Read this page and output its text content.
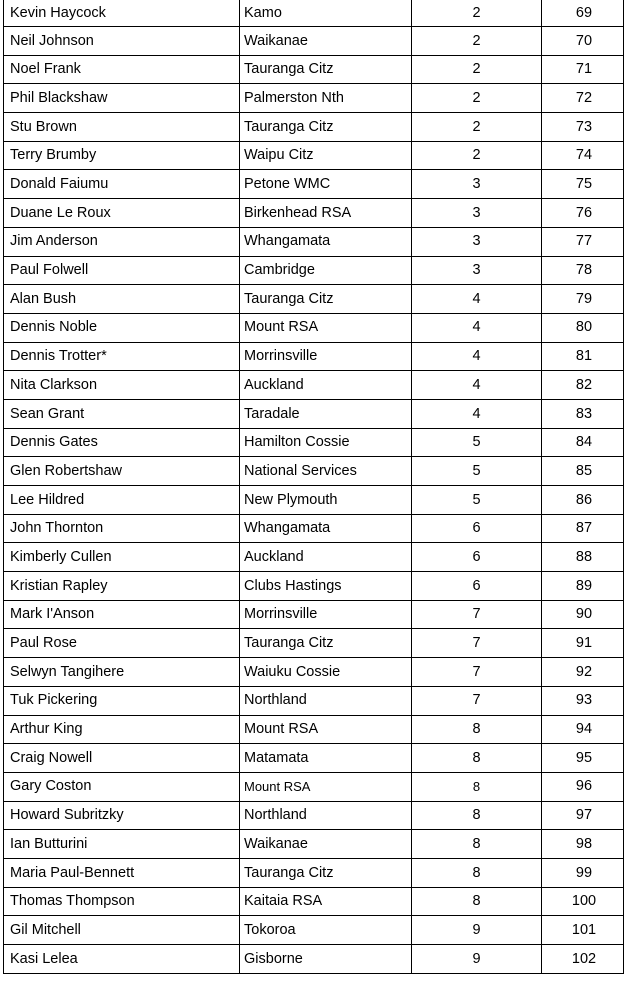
Kevin Haycock	Kamo	2	69
Neil Johnson	Waikanae	2	70
Noel Frank	Tauranga Citz	2	71
Phil Blackshaw	Palmerston Nth	2	72
Stu Brown	Tauranga Citz	2	73
Terry Brumby	Waipu Citz	2	74
Donald Faiumu	Petone WMC	3	75
Duane Le Roux	Birkenhead RSA	3	76
Jim Anderson	Whangamata	3	77
Paul Folwell	Cambridge	3	78
Alan Bush	Tauranga Citz	4	79
Dennis Noble	Mount RSA	4	80
Dennis Trotter*	Morrinsville	4	81
Nita Clarkson	Auckland	4	82
Sean Grant	Taradale	4	83
Dennis Gates	Hamilton Cossie	5	84
Glen Robertshaw	National Services	5	85
Lee Hildred	New Plymouth	5	86
John Thornton	Whangamata	6	87
Kimberly Cullen	Auckland	6	88
Kristian Rapley	Clubs Hastings	6	89
Mark I'Anson	Morrinsville	7	90
Paul Rose	Tauranga Citz	7	91
Selwyn Tangihere	Waiuku Cossie	7	92
Tuk Pickering	Northland	7	93
Arthur King	Mount RSA	8	94
Craig Nowell	Matamata	8	95
Gary Coston	Mount RSA	8	96
Howard Subritzky	Northland	8	97
Ian Butturini	Waikanae	8	98
Maria Paul-Bennett	Tauranga Citz	8	99
Thomas Thompson	Kaitaia RSA	8	100
Gil Mitchell	Tokoroa	9	101
Kasi Lelea	Gisborne	9	102
